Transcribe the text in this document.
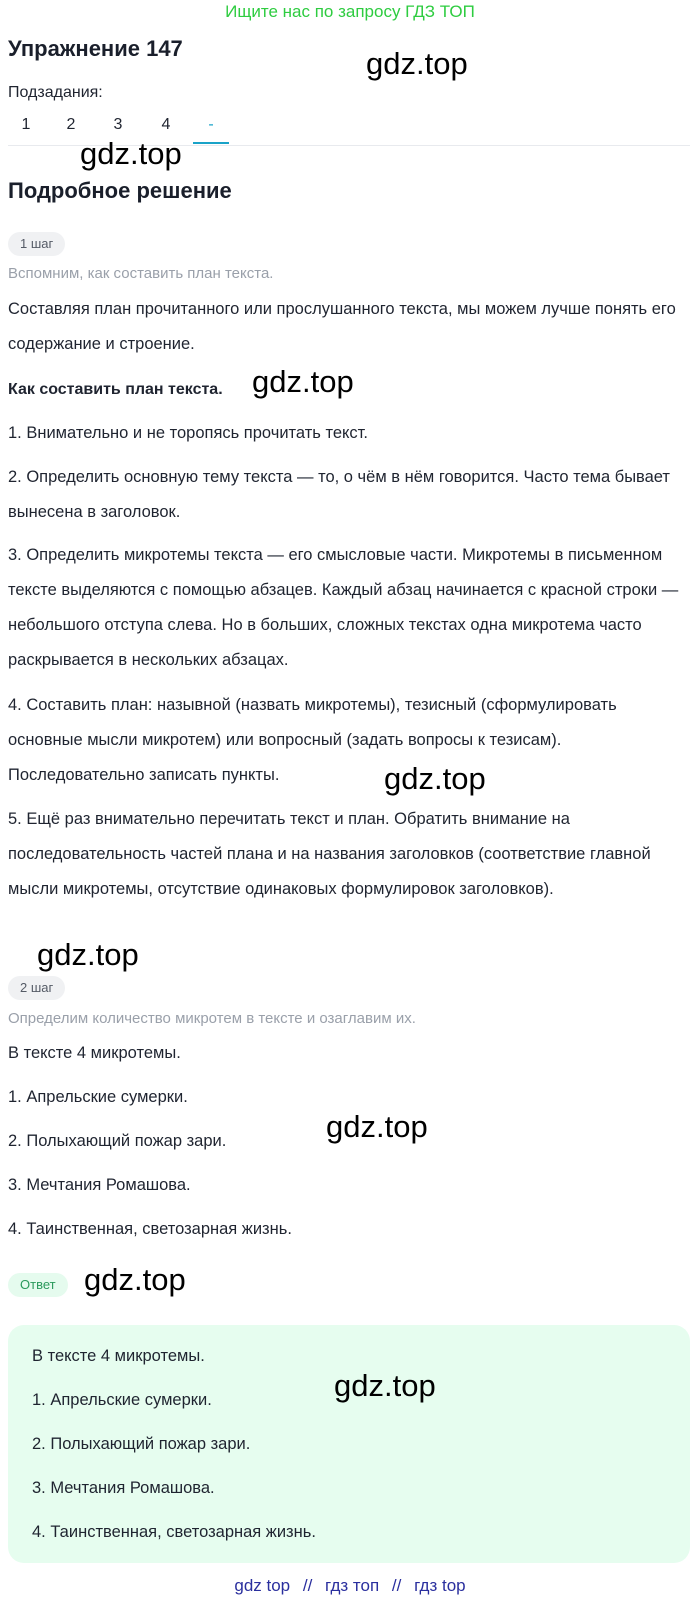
Ищите нас по запросу ГДЗ ТОП
Упражнение 147
Подзадания:
1	2	3	4	-
Подробное решение
1 шаг
Вспомним, как составить план текста.

Составляя план прочитанного или прослушанного текста, мы можем лучше понять его содержание и строение.

Как составить план текста.

1. Внимательно и не торопясь прочитать текст.

2. Определить основную тему текста — то, о чём в нём говорится. Часто тема бывает вынесена в заголовок.

3. Определить микротемы текста — его смысловые части. Микротемы в письменном тексте выделяются с помощью абзацев. Каждый абзац начинается с красной строки — небольшого отступа слева. Но в больших, сложных текстах одна микротема часто раскрывается в нескольких абзацах.

4. Составить план: назывной (назвать микротемы), тезисный (сформулировать основные мысли микротем) или вопросный (задать вопросы к тезисам). Последовательно записать пункты.

5. Ещё раз внимательно перечитать текст и план. Обратить внимание на последовательность частей плана и на названия заголовков (соответствие главной мысли микротемы, отсутствие одинаковых формулировок заголовков).

2 шаг
Определим количество микротем в тексте и озаглавим их.

В тексте 4 микротемы.

1. Апрельские сумерки.

2. Полыхающий пожар зари.

3. Мечтания Ромашова.

4. Таинственная, светозарная жизнь.

Ответ
В тексте 4 микротемы.
1. Апрельские сумерки.
2. Полыхающий пожар зари.
3. Мечтания Ромашова.
4. Таинственная, светозарная жизнь.
gdz.top
gdz.top
gdz.top
gdz.top
gdz.top
gdz.top
gdz.top
gdz.top
gdz top // гдз топ // гдз top
